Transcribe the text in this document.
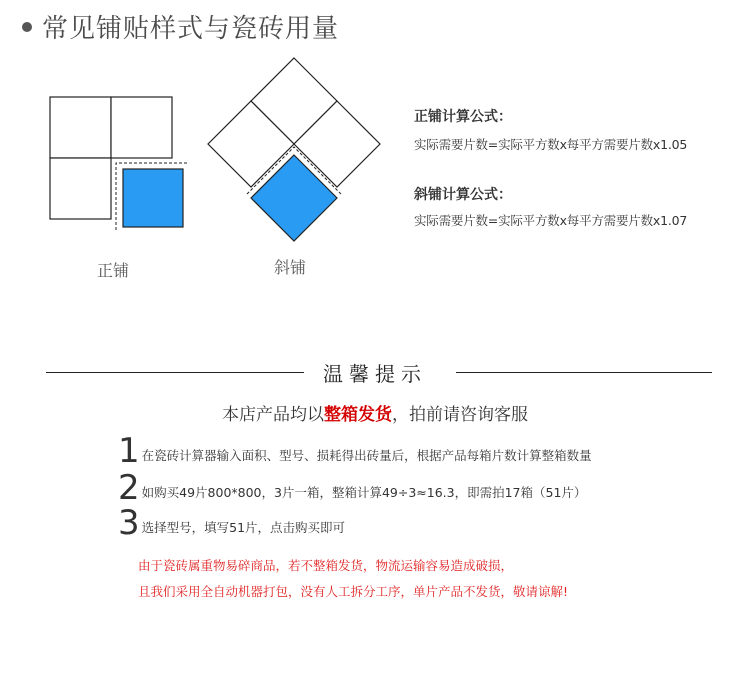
常见铺贴样式与瓷砖用量
正铺	斜铺
正铺计算公式：
实际需要片数=实际平方数x每平方需要片数x1.05
斜铺计算公式：
实际需要片数=实际平方数x每平方需要片数x1.07
温馨提示
本店产品均以整箱发货，拍前请咨询客服
1 在瓷砖计算器输入面积、型号、损耗得出砖量后，根据产品每箱片数计算整箱数量
2 如购买49片800*800，3片一箱，整箱计算49÷3≈16.3，即需拍17箱（51片）
3 选择型号，填写51片，点击购买即可
由于瓷砖属重物易碎商品，若不整箱发货，物流运输容易造成破损，
且我们采用全自动机器打包，没有人工拆分工序，单片产品不发货，敬请谅解!
